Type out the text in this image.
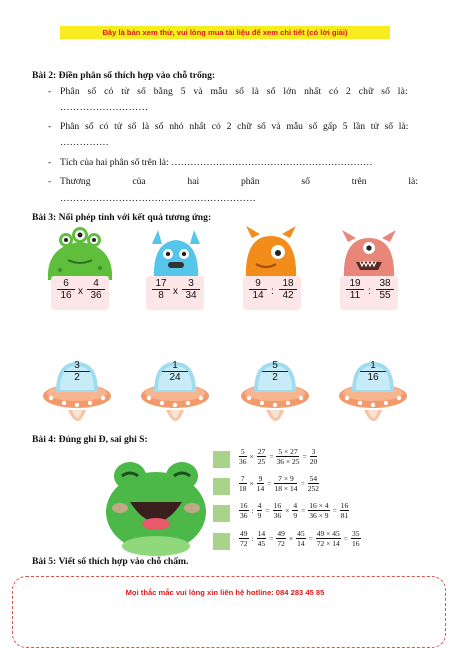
Đây là bản xem thử, vui lòng mua tài liệu để xem chi tiết (có lời giải)
Bài 2: Điền phân số thích hợp vào chỗ trống:
- Phân số có tử số bằng 5 và mẫu số là số lớn nhất có 2 chữ số là:
………………………
- Phân số có tử số là số nhỏ nhất có 2 chữ số và mẫu số gấp 5 lần tử số là:
……………
- Tích của hai phân số trên là: ………………………………………………………
- Thương	của	hai	phân	số	trên	là:
……………………………………………………
Bài 3: Nối phép tính với kết quả tương ứng:
$\frac{6}{16}$ x $\frac{4}{36}$	$\frac{17}{8}$ x $\frac{3}{34}$	$\frac{9}{14}$ : $\frac{18}{42}$	$\frac{19}{11}$ : $\frac{38}{55}$
$\frac{3}{2}$	$\frac{1}{24}$	$\frac{5}{2}$	$\frac{1}{16}$
Bài 4: Đúng ghi Đ, sai ghi S:
$\frac{5}{36} \times \frac{27}{25} = \frac{5 \times 27}{36 \times 25} = \frac{3}{20}$
$\frac{7}{18} \times \frac{9}{14} = \frac{7 \times 9}{18 \times 14} = \frac{54}{252}$
$\frac{16}{36}$ : $\frac{4}{9} = \frac{16}{36} \times \frac{4}{9} = \frac{16 \times 4}{36 \times 9} = \frac{16}{81}$
$\frac{49}{72}$ : $\frac{14}{45} = \frac{49}{72} \times \frac{45}{14} = \frac{49 \times 45}{72 \times 14} = \frac{35}{16}$
Bài 5: Viết số thích hợp vào chỗ chấm.
Mọi thắc mắc vui lòng xin liên hệ hotline: 084 283 45 85
